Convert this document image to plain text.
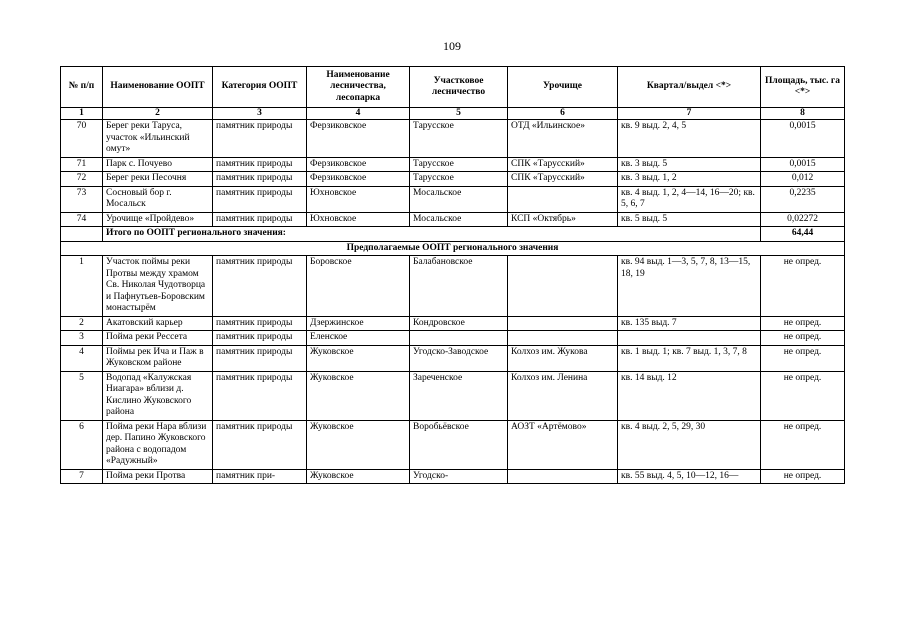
109
№ п/п	Наименование ООПТ	Категория ООПТ	Наименование лесничества, лесопарка	Участковое лесничество	Урочище	Квартал/выдел <*>	Площадь, тыс. га <*>
1	2	3	4	5	6	7	8
70	Берег реки Таруса, участок «Ильинский омут»	памятник природы	Ферзиковское	Тарусское	ОТД «Ильинское»	кв. 9 выд. 2, 4, 5	0,0015
71	Парк с. Почуево	памятник природы	Ферзиковское	Тарусское	СПК «Тарусский»	кв. 3 выд. 5	0,0015
72	Берег реки Песочня	памятник природы	Ферзиковское	Тарусское	СПК «Тарусский»	кв. 3 выд. 1, 2	0,012
73	Сосновый бор г. Мосальск	памятник природы	Юхновское	Мосальское		кв. 4 выд. 1, 2, 4—14, 16—20; кв. 5, 6, 7	0,2235
74	Урочище «Пройдево»	памятник природы	Юхновское	Мосальское	КСП «Октябрь»	кв. 5 выд. 5	0,02272
	Итого по ООПТ регионального значения:						64,44
Предполагаемые ООПТ регионального значения							
1	Участок поймы реки Протвы между храмом Св. Николая Чудотворца и Пафнутьев-Боровским монастырём	памятник природы	Боровское	Балабановское		кв. 94 выд. 1—3, 5, 7, 8, 13—15, 18, 19	не опред.
2	Акатовский карьер	памятник природы	Дзержинское	Кондровское		кв. 135 выд. 7	не опред.
3	Пойма реки Рессета	памятник природы	Еленское				не опред.
4	Поймы рек Ича и Паж в Жуковском районе	памятник природы	Жуковское	Угодско-Заводское	Колхоз им. Жукова	кв. 1 выд. 1; кв. 7 выд. 1, 3, 7, 8	не опред.
5	Водопад «Калужская Ниагара» вблизи д. Кислино Жуковского района	памятник природы	Жуковское	Зареченское	Колхоз им. Ленина	кв. 14 выд. 12	не опред.
6	Пойма реки Нара вблизи дер. Папино Жуковского района с водопадом «Радужный»	памятник природы	Жуковское	Воробьёвское	АОЗТ «Артёмово»	кв. 4 выд. 2, 5, 29, 30	не опред.
7	Пойма реки Протва	памятник при-	Жуковское	Угодско-		кв. 55 выд. 4, 5, 10—12, 16—	не опред.
